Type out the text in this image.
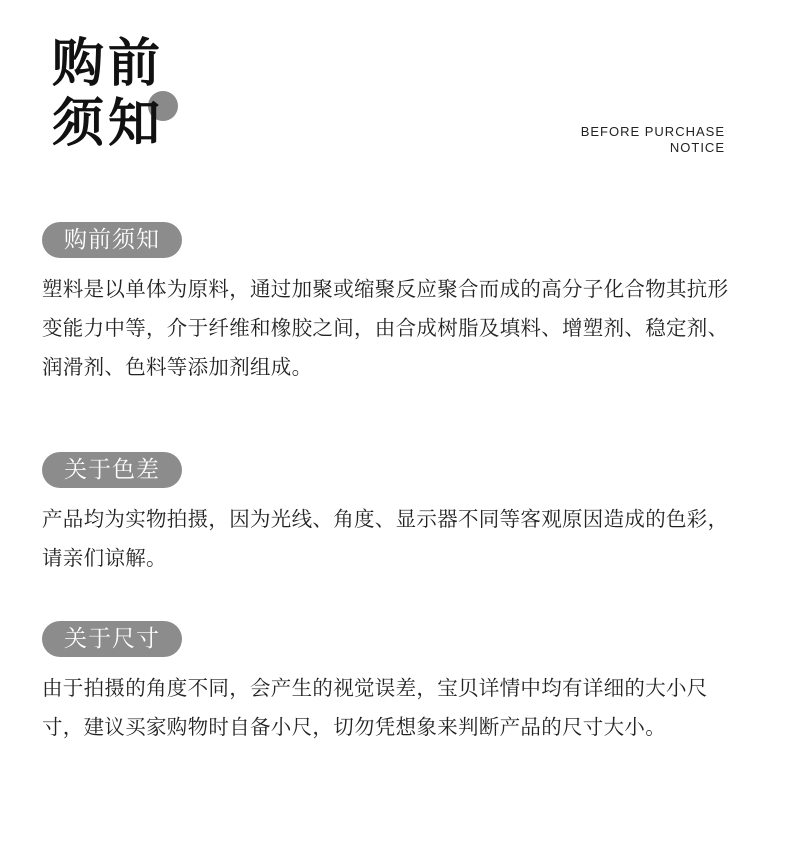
购前
须知	BEFORE PURCHASE
NOTICE
购前须知
塑料是以单体为原料，通过加聚或缩聚反应聚合而成的高分子化合物其抗形变能力中等，介于纤维和橡胶之间，由合成树脂及填料、增塑剂、稳定剂、润滑剂、色料等添加剂组成。
关于色差
产品均为实物拍摄，因为光线、角度、显示器不同等客观原因造成的色彩，请亲们谅解。
关于尺寸
由于拍摄的角度不同，会产生的视觉误差，宝贝详情中均有详细的大小尺寸，建议买家购物时自备小尺，切勿凭想象来判断产品的尺寸大小。
